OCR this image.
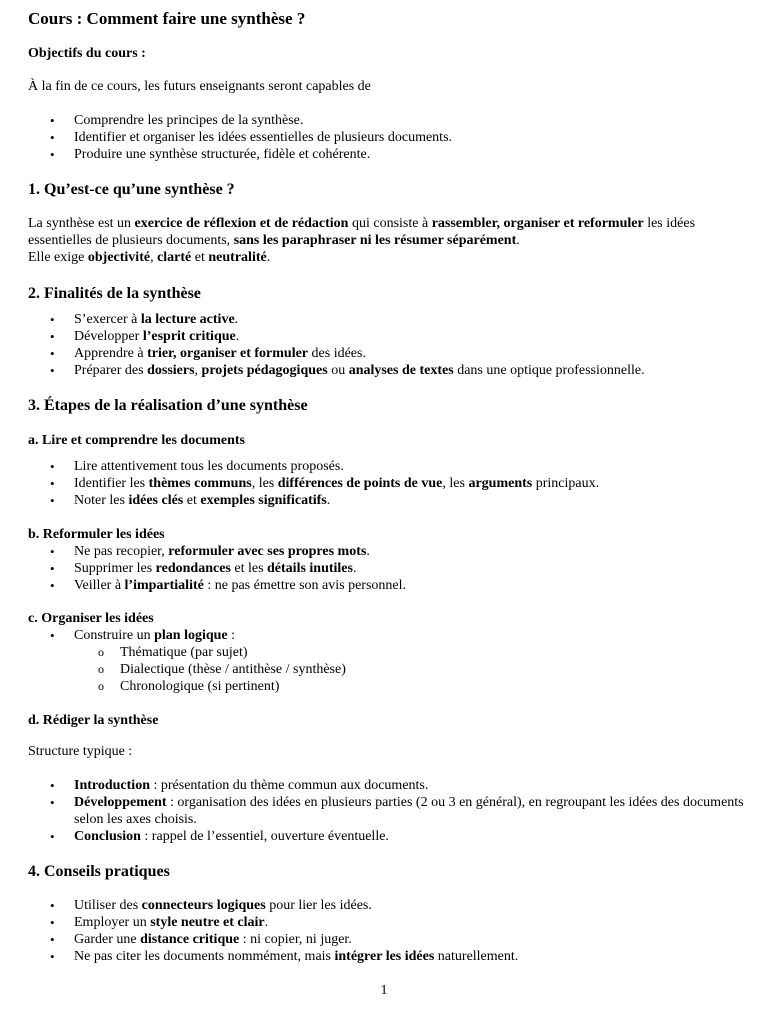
Cours : Comment faire une synthèse ?
Objectifs du cours :

À la fin de ce cours, les futurs enseignants seront capables de

• Comprendre les principes de la synthèse.
• Identifier et organiser les idées essentielles de plusieurs documents.
• Produire une synthèse structurée, fidèle et cohérente.
1. Qu’est-ce qu’une synthèse ?

La synthèse est un exercice de réflexion et de rédaction qui consiste à rassembler, organiser et reformuler les idées essentielles de plusieurs documents, sans les paraphraser ni les résumer séparément.

Elle exige objectivité, clarté et neutralité.

2. Finalités de la synthèse
• S’exercer à la lecture active.
• Développer l’esprit critique.
• Apprendre à trier, organiser et formuler des idées.
• Préparer des dossiers, projets pédagogiques ou analyses de textes dans une optique professionnelle.
3. Étapes de la réalisation d’une synthèse
a. Lire et comprendre les documents
• Lire attentivement tous les documents proposés.
• Identifier les thèmes communs, les différences de points de vue, les arguments principaux.
• Noter les idées clés et exemples significatifs.
b. Reformuler les idées
• Ne pas recopier, reformuler avec ses propres mots.
• Supprimer les redondances et les détails inutiles.
• Veiller à l’impartialité : ne pas émettre son avis personnel.
c. Organiser les idées
• Construire un plan logique :
o Thématique (par sujet)
o Dialectique (thèse / antithèse / synthèse)
o Chronologique (si pertinent)
d. Rédiger la synthèse

Structure typique :

• Introduction : présentation du thème commun aux documents.
• Développement : organisation des idées en plusieurs parties (2 ou 3 en général), en regroupant les idées des documents selon les axes choisis.
• Conclusion : rappel de l’essentiel, ouverture éventuelle.
4. Conseils pratiques
• Utiliser des connecteurs logiques pour lier les idées.
• Employer un style neutre et clair.
• Garder une distance critique : ni copier, ni juger.
• Ne pas citer les documents nommément, mais intégrer les idées naturellement.
1
